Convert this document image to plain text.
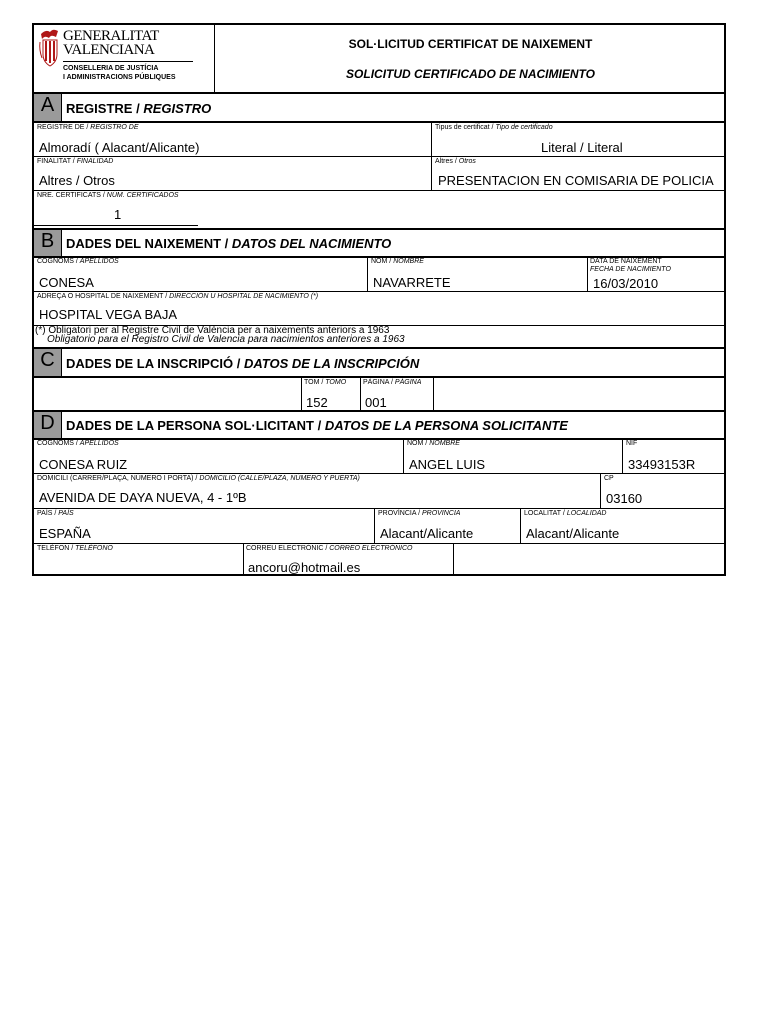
GENERALITAT
VALENCIANA
CONSELLERIA DE JUSTÍCIA
I ADMINISTRACIONS PÚBLIQUES
SOL·LICITUD CERTIFICAT DE NAIXEMENT
SOLICITUD CERTIFICADO DE NACIMIENTO
A REGISTRE / REGISTRO
REGISTRE DE / REGISTRO DE
Almoradí ( Alacant/Alicante)
Tipus de certificat / Tipo de certificado
Literal / Literal
FINALITAT / FINALIDAD
Altres / Otros
Altres / Otros
PRESENTACION EN COMISARIA DE POLICIA
NRE. CERTIFICATS / NÚM. CERTIFICADOS
1
B DADES DEL NAIXEMENT / DATOS DEL NACIMIENTO
COGNOMS / APELLIDOS
CONESA
NOM / NOMBRE
NAVARRETE
DATA DE NAIXEMENT
FECHA DE NACIMIENTO
16/03/2010
ADREÇA O HOSPITAL DE NAIXEMENT / DIRECCIÓN U HOSPITAL DE NACIMIENTO (*)
HOSPITAL VEGA BAJA
(*) Obligatori per al Registre Civil de València per a naixements anteriors a 1963
Obligatorio para el Registro Civil de Valencia para nacimientos anteriores a 1963
C DADES DE LA INSCRIPCIÓ / DATOS DE LA INSCRIPCIÓN
TOM / TOMO
152
PÀGINA / PÁGINA
001
D DADES DE LA PERSONA SOL·LICITANT / DATOS DE LA PERSONA SOLICITANTE
COGNOMS / APELLIDOS
CONESA RUIZ
NOM / NOMBRE
ANGEL LUIS
NIF
33493153R
DOMICILI (CARRER/PLAÇA, NÚMERO I PORTA) / DOMICILIO (CALLE/PLAZA, NÚMERO Y PUERTA)
AVENIDA DE DAYA NUEVA, 4 - 1ºB
CP
03160
PAÍS / PAÍS
ESPAÑA
PROVÍNCIA / PROVINCIA
Alacant/Alicante
LOCALITAT / LOCALIDAD
Alacant/Alicante
TELÈFON / TELÈFONO	CORREU ELECTRÒNIC / CORREO ELECTRÓNICO
ancoru@hotmail.es
